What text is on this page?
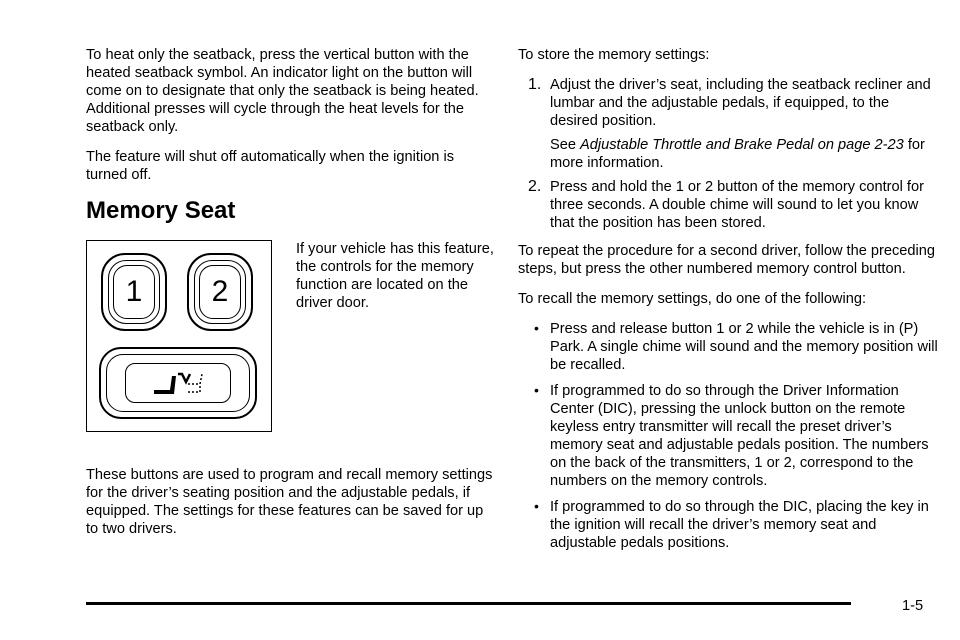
To heat only the seatback, press the vertical button with the heated seatback symbol. An indicator light on the button will come on to designate that only the seatback is being heated. Additional presses will cycle through the heat levels for the seatback only.

The feature will shut off automatically when the ignition is turned off.

Memory Seat
1	2

If your vehicle has this feature, the controls for the memory function are located on the driver door.

These buttons are used to program and recall memory settings for the driver’s seating position and the adjustable pedals, if equipped. The settings for these features can be saved for up to two drivers.

To store the memory settings:

1. Adjust the driver’s seat, including the seatback recliner and lumbar and the adjustable pedals, if equipped, to the desired position.

See Adjustable Throttle and Brake Pedal on page 2-23 for more information.

2. Press and hold the 1 or 2 button of the memory control for three seconds. A double chime will sound to let you know that the position has been stored.

To repeat the procedure for a second driver, follow the preceding steps, but press the other numbered memory control button.

To recall the memory settings, do one of the following:

• Press and release button 1 or 2 while the vehicle is in (P) Park. A single chime will sound and the memory position will be recalled.

• If programmed to do so through the Driver Information Center (DIC), pressing the unlock button on the remote keyless entry transmitter will recall the preset driver’s memory seat and adjustable pedals position. The numbers on the back of the transmitters, 1 or 2, correspond to the numbers on the memory controls.

• If programmed to do so through the DIC, placing the key in the ignition will recall the driver’s memory seat and adjustable pedals positions.

1-5
